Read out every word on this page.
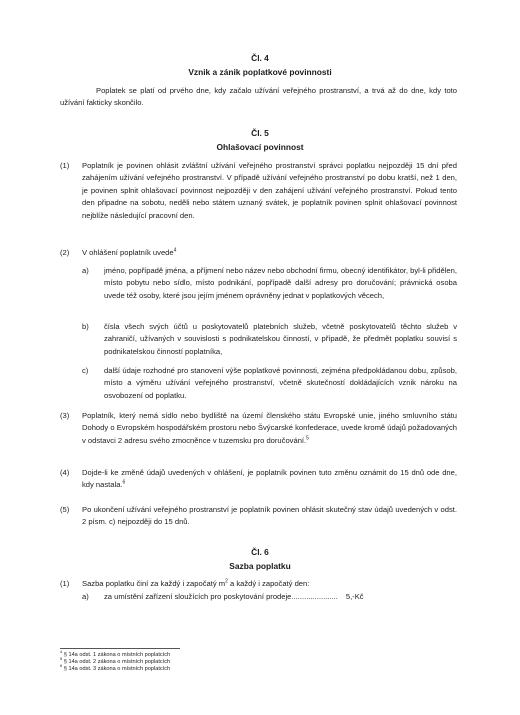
Čl. 4
Vznik a zánik poplatkové povinnosti
Poplatek se platí od prvého dne, kdy začalo užívání veřejného prostranství, a trvá až do dne, kdy toto užívání fakticky skončilo.
Čl. 5
Ohlašovací povinnost
(1)	Poplatník je povinen ohlásit zvláštní užívání veřejného prostranství správci poplatku nejpozději 15 dní před zahájením užívání veřejného prostranství. V případě užívání veřejného prostranství po dobu kratší, než 1 den, je povinen splnit ohlašovací povinnost nejpozději v den zahájení užívání veřejného prostranství. Pokud tento den připadne na sobotu, neděli nebo státem uznaný svátek, je poplatník povinen splnit ohlašovací povinnost nejblíže následující pracovní den.
(2)	V ohlášení poplatník uvede$^4$
a)	jméno, popřípadě jména, a příjmení nebo název nebo obchodní firmu, obecný identifikátor, byl-li přidělen, místo pobytu nebo sídlo, místo podnikání, popřípadě další adresy pro doručování; právnická osoba uvede též osoby, které jsou jejím jménem oprávněny jednat v poplatkových věcech,
b)	čísla všech svých účtů u poskytovatelů platebních služeb, včetně poskytovatelů těchto služeb v zahraničí, užívaných v souvislosti s podnikatelskou činností, v případě, že předmět poplatku souvisí s podnikatelskou činností poplatníka,
c)	další údaje rozhodné pro stanovení výše poplatkové povinnosti, zejména předpokládanou dobu, způsob, místo a výměru užívání veřejného prostranství, včetně skutečností dokládajících vznik nároku na osvobození od poplatku.
(3)	Poplatník, který nemá sídlo nebo bydliště na území členského státu Evropské unie, jiného smluvního státu Dohody o Evropském hospodářském prostoru nebo Švýcarské konfederace, uvede kromě údajů požadovaných v odstavci 2 adresu svého zmocněnce v tuzemsku pro doručování.$^5$
(4)	Dojde-li ke změně údajů uvedených v ohlášení, je poplatník povinen tuto změnu oznámit do 15 dnů ode dne, kdy nastala.$^6$
(5)	Po ukončení užívání veřejného prostranství je poplatník povinen ohlásit skutečný stav údajů uvedených v odst. 2 písm. c) nejpozději do 15 dnů.
Čl. 6
Sazba poplatku
(1)	Sazba poplatku činí za každý i započatý $m^2$ a každý i započatý den:
a)	za umístění zařízení sloužících pro poskytování prodeje...................... 5,-Kč
$^4$ § 14a odst. 1 zákona o místních poplatcích
$^5$ § 14a odst. 2 zákona o místních poplatcích
$^6$ § 14a odst. 3 zákona o místních poplatcích
